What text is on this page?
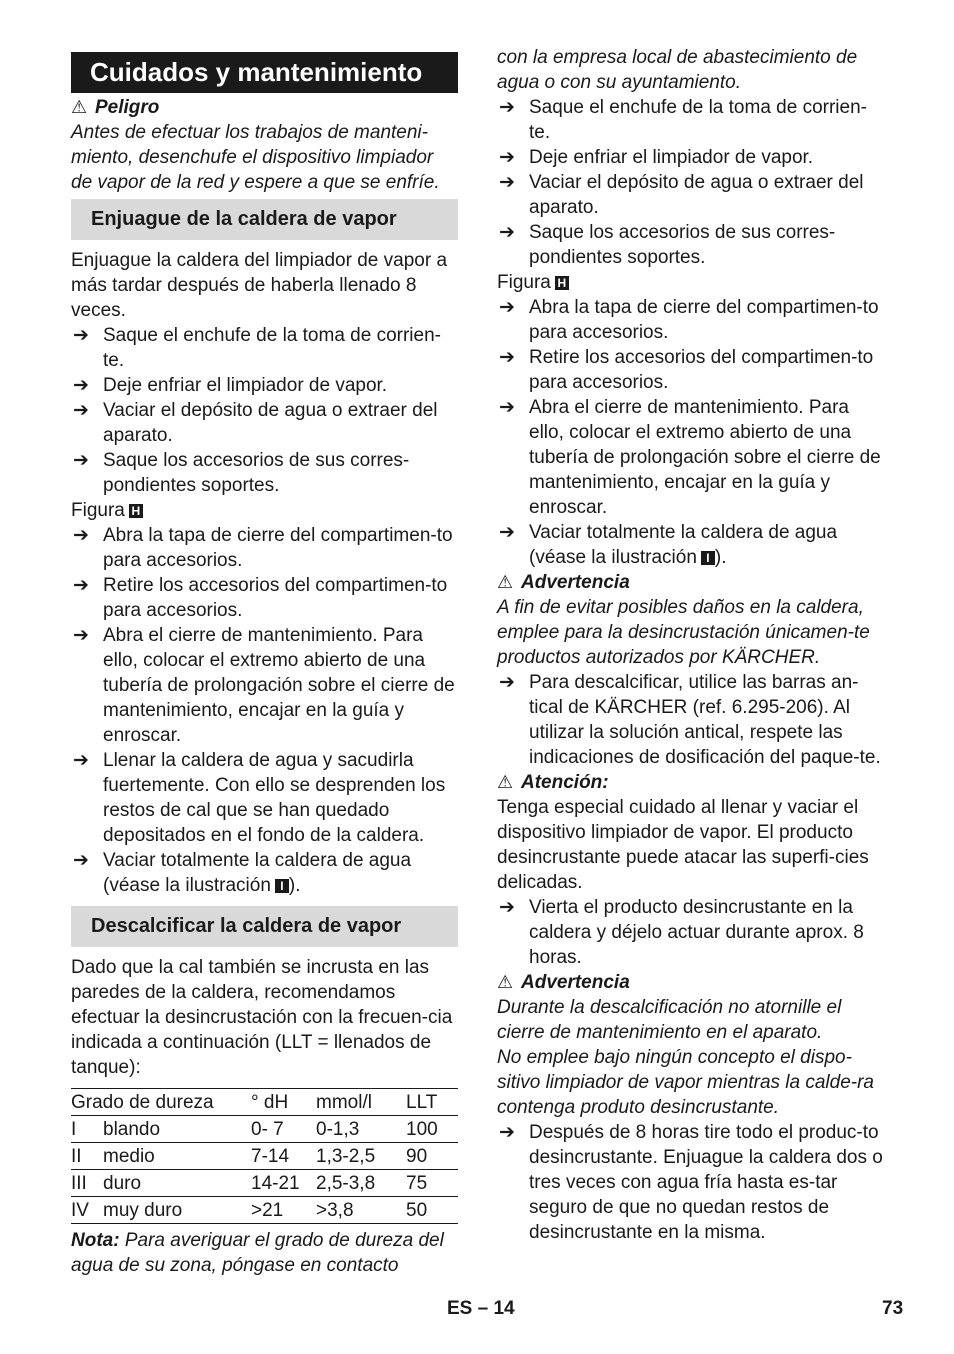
Cuidados y mantenimiento

⚠ Peligro

Antes de efectuar los trabajos de manteni-miento, desenchufe el dispositivo limpiador de vapor de la red y espere a que se enfríe.

Enjuague de la caldera de vapor

Enjuague la caldera del limpiador de vapor a más tardar después de haberla llenado 8 veces.

➔ Saque el enchufe de la toma de corrien-te.
➔ Deje enfriar el limpiador de vapor.
➔ Vaciar el depósito de agua o extraer del aparato.
➔ Saque los accesorios de sus corres-pondientes soportes.

Figura H

➔ Abra la tapa de cierre del compartimen-to para accesorios.
➔ Retire los accesorios del compartimen-to para accesorios.
➔ Abra el cierre de mantenimiento. Para ello, colocar el extremo abierto de una tubería de prolongación sobre el cierre de mantenimiento, encajar en la guía y enroscar.
➔ Llenar la caldera de agua y sacudirla fuertemente. Con ello se desprenden los restos de cal que se han quedado depositados en el fondo de la caldera.
➔ Vaciar totalmente la caldera de agua (véase la ilustración I ).
Descalcificar la caldera de vapor

Dado que la cal también se incrusta en las paredes de la caldera, recomendamos efectuar la desincrustación con la frecuen-cia indicada a continuación (LLT = llenados de tanque):

Grado de dureza		° dH	mmol/l	LLT
I	blando	0- 7	0-1,3	100
II	medio	7-14	1,3-2,5	90
III	duro	14-21	2,5-3,8	75
IV	muy duro	>21	>3,8	50

Nota: Para averiguar el grado de dureza del agua de su zona, póngase en contacto

con la empresa local de abastecimiento de agua o con su ayuntamiento.

➔ Saque el enchufe de la toma de corrien-te.
➔ Deje enfriar el limpiador de vapor.
➔ Vaciar el depósito de agua o extraer del aparato.
➔ Saque los accesorios de sus corres-pondientes soportes.

Figura H

➔ Abra la tapa de cierre del compartimen-to para accesorios.
➔ Retire los accesorios del compartimen-to para accesorios.
➔ Abra el cierre de mantenimiento. Para ello, colocar el extremo abierto de una tubería de prolongación sobre el cierre de mantenimiento, encajar en la guía y enroscar.
➔ Vaciar totalmente la caldera de agua (véase la ilustración I ).

⚠ Advertencia

A fin de evitar posibles daños en la caldera, emplee para la desincrustación únicamen-te productos autorizados por KÄRCHER.

➔ Para descalcificar, utilice las barras an-tical de KÄRCHER (ref. 6.295-206). Al utilizar la solución antical, respete las indicaciones de dosificación del paque-te.

⚠ Atención:

Tenga especial cuidado al llenar y vaciar el dispositivo limpiador de vapor. El producto desincrustante puede atacar las superfi-cies delicadas.

➔ Vierta el producto desincrustante en la caldera y déjelo actuar durante aprox. 8 horas.

⚠ Advertencia

Durante la descalcificación no atornille el cierre de mantenimiento en el aparato.

No emplee bajo ningún concepto el dispo-sitivo limpiador de vapor mientras la calde-ra contenga produto desincrustante.

➔ Después de 8 horas tire todo el produc-to desincrustante. Enjuague la caldera dos o tres veces con agua fría hasta es-tar seguro de que no quedan restos de desincrustante en la misma.
ES – 14	73
